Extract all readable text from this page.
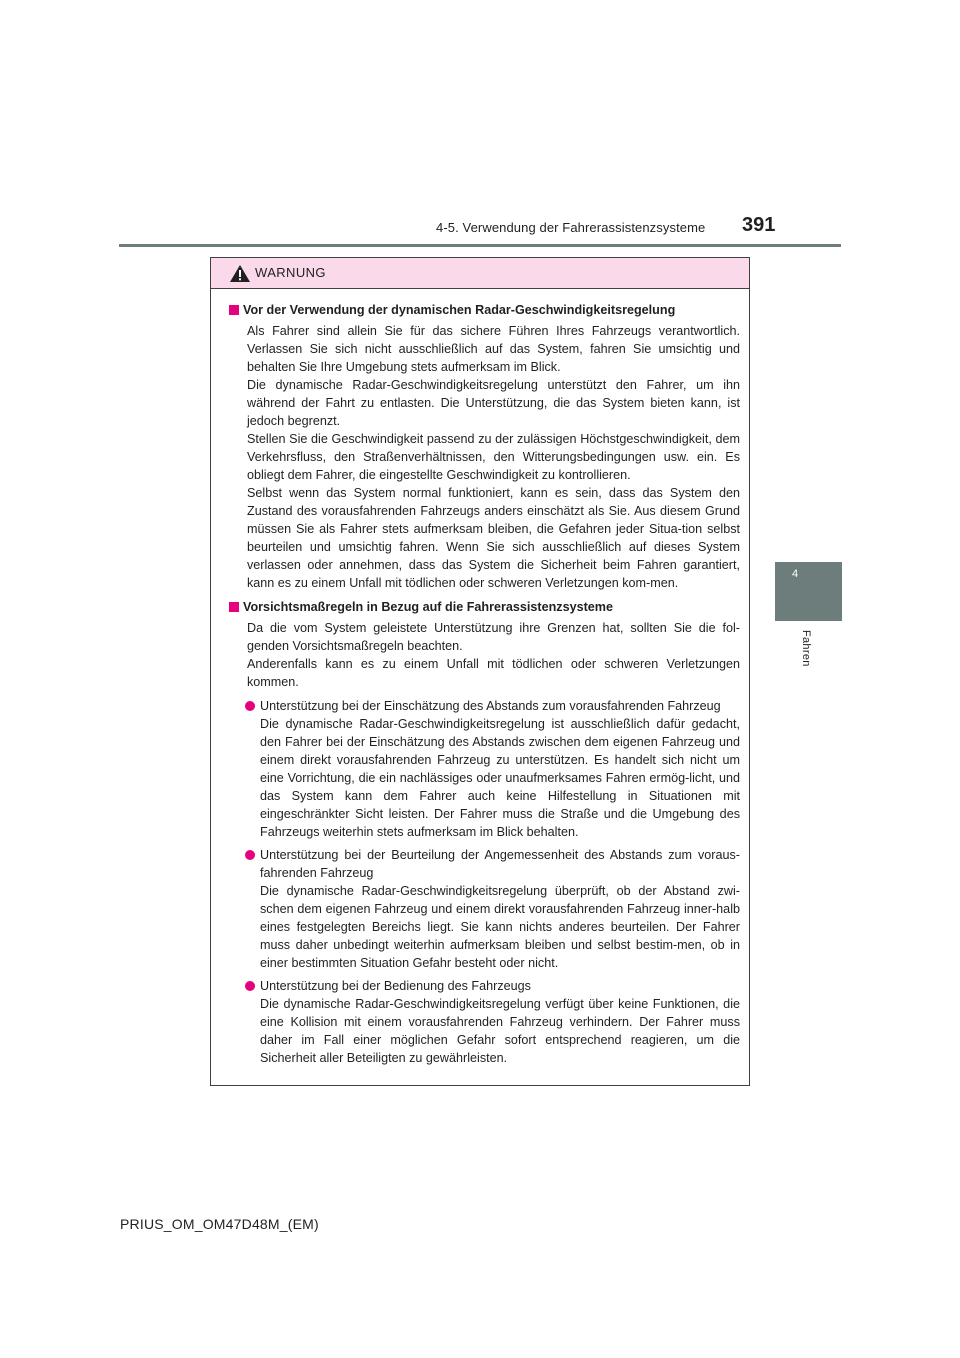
4-5. Verwendung der Fahrerassistenzsysteme 391
4
Fahren
WARNUNG
Vor der Verwendung der dynamischen Radar-Geschwindigkeitsregelung

Als Fahrer sind allein Sie für das sichere Führen Ihres Fahrzeugs verantwortlich. Verlassen Sie sich nicht ausschließlich auf das System, fahren Sie umsichtig und behalten Sie Ihre Umgebung stets aufmerksam im Blick.

Die dynamische Radar-Geschwindigkeitsregelung unterstützt den Fahrer, um ihn während der Fahrt zu entlasten. Die Unterstützung, die das System bieten kann, ist jedoch begrenzt.

Stellen Sie die Geschwindigkeit passend zu der zulässigen Höchstgeschwindigkeit, dem Verkehrsfluss, den Straßenverhältnissen, den Witterungsbedingungen usw. ein. Es obliegt dem Fahrer, die eingestellte Geschwindigkeit zu kontrollieren.

Selbst wenn das System normal funktioniert, kann es sein, dass das System den Zustand des vorausfahrenden Fahrzeugs anders einschätzt als Sie. Aus diesem Grund müssen Sie als Fahrer stets aufmerksam bleiben, die Gefahren jeder Situa-tion selbst beurteilen und umsichtig fahren. Wenn Sie sich ausschließlich auf dieses System verlassen oder annehmen, dass das System die Sicherheit beim Fahren garantiert, kann es zu einem Unfall mit tödlichen oder schweren Verletzungen kom-men.

Vorsichtsmaßregeln in Bezug auf die Fahrerassistenzsysteme

Da die vom System geleistete Unterstützung ihre Grenzen hat, sollten Sie die fol-genden Vorsichtsmaßregeln beachten.

Anderenfalls kann es zu einem Unfall mit tödlichen oder schweren Verletzungen kommen.

Unterstützung bei der Einschätzung des Abstands zum vorausfahrenden Fahrzeug
Die dynamische Radar-Geschwindigkeitsregelung ist ausschließlich dafür gedacht, den Fahrer bei der Einschätzung des Abstands zwischen dem eigenen Fahrzeug und einem direkt vorausfahrenden Fahrzeug zu unterstützen. Es handelt sich nicht um eine Vorrichtung, die ein nachlässiges oder unaufmerksames Fahren ermög-licht, und das System kann dem Fahrer auch keine Hilfestellung in Situationen mit eingeschränkter Sicht leisten. Der Fahrer muss die Straße und die Umgebung des Fahrzeugs weiterhin stets aufmerksam im Blick behalten.
Unterstützung bei der Beurteilung der Angemessenheit des Abstands zum voraus-fahrenden Fahrzeug
Die dynamische Radar-Geschwindigkeitsregelung überprüft, ob der Abstand zwi-schen dem eigenen Fahrzeug und einem direkt vorausfahrenden Fahrzeug inner-halb eines festgelegten Bereichs liegt. Sie kann nichts anderes beurteilen. Der Fahrer muss daher unbedingt weiterhin aufmerksam bleiben und selbst bestim-men, ob in einer bestimmten Situation Gefahr besteht oder nicht.
Unterstützung bei der Bedienung des Fahrzeugs
Die dynamische Radar-Geschwindigkeitsregelung verfügt über keine Funktionen, die eine Kollision mit einem vorausfahrenden Fahrzeug verhindern. Der Fahrer muss daher im Fall einer möglichen Gefahr sofort entsprechend reagieren, um die Sicherheit aller Beteiligten zu gewährleisten.
PRIUS_OM_OM47D48M_(EM)
